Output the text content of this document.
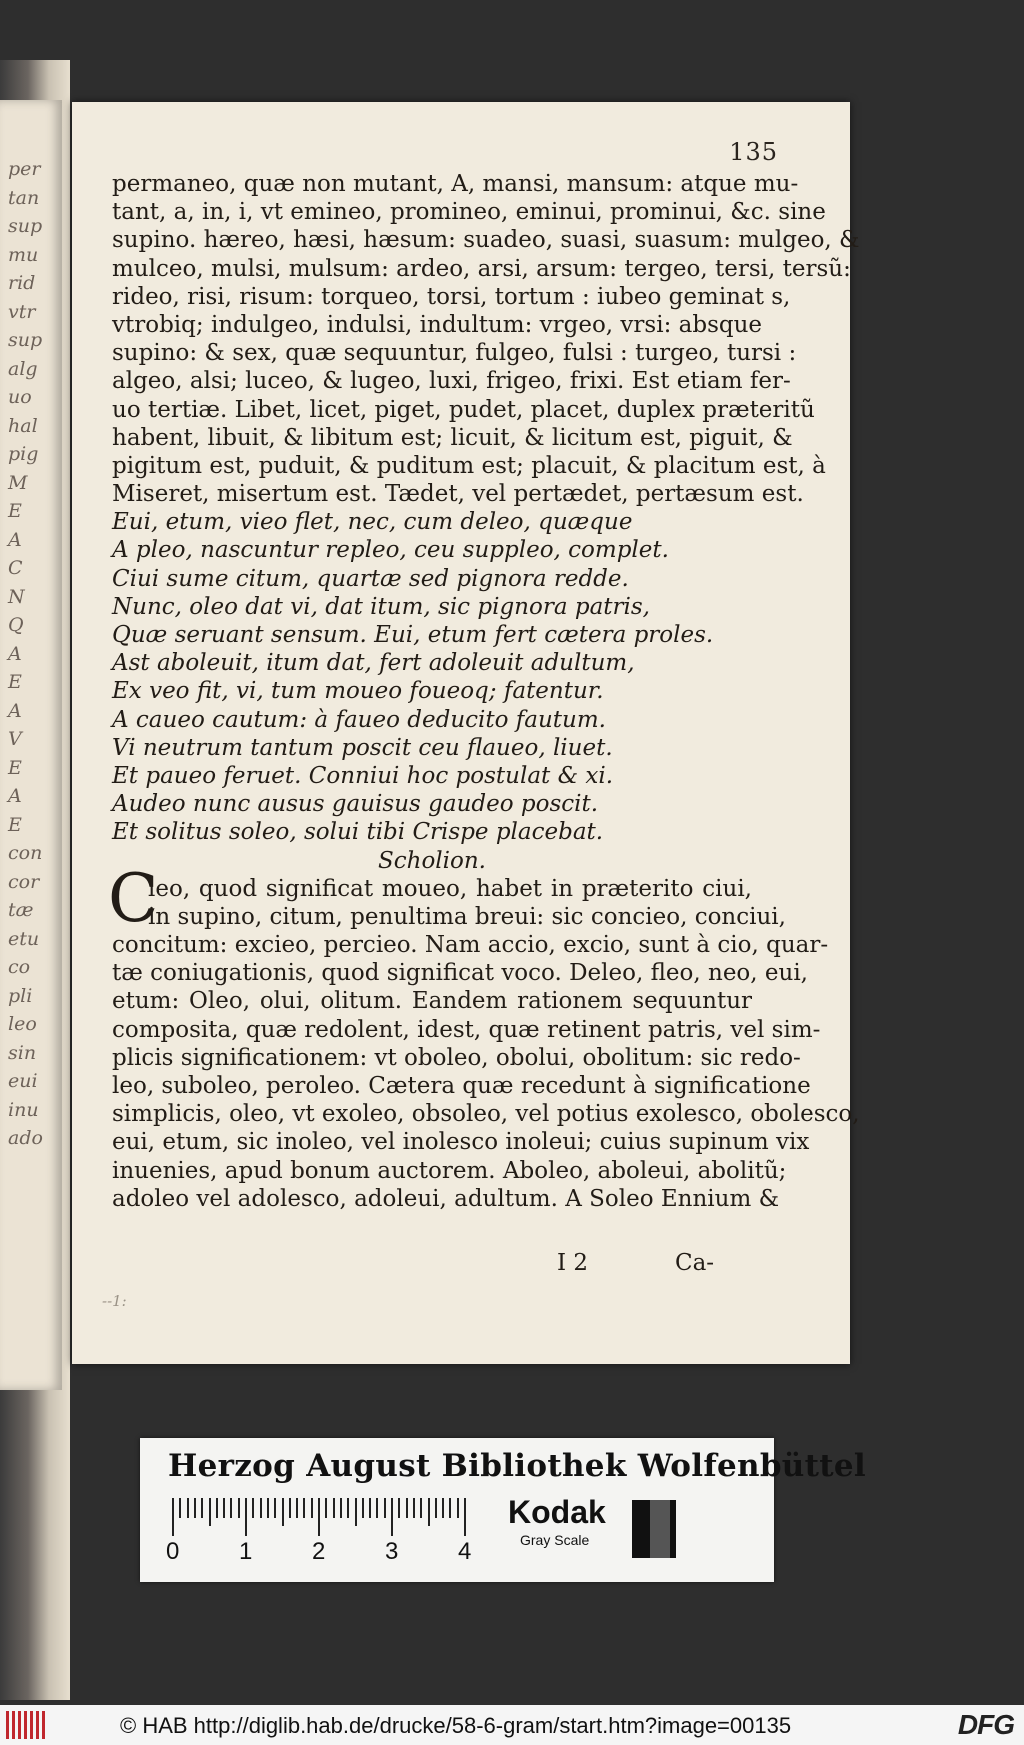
per
tan
sup
mu
rid
vtr
sup
alg
uo
hal
pig
M
E
A
C
N
Q
A
E
A
V
E
A
E
con
cor
tæ
etu
co
pli
leo
sin
eui
inu
ado
135
permaneo, quæ non mutant, A, mansi, mansum: atque mu-
tant, a, in, i, vt emineo, promineo, eminui, prominui, &c. sine
supino. hæreo, hæsi, hæsum: suadeo, suasi, suasum: mulgeo, &
mulceo, mulsi, mulsum: ardeo, arsi, arsum: tergeo, tersi, tersũ:
rideo, risi, risum: torqueo, torsi, tortum : iubeo geminat s,
vtrobiq; indulgeo, indulsi, indultum: vrgeo, vrsi: absque
supino: & sex, quæ sequuntur, fulgeo, fulsi : turgeo, tursi :
algeo, alsi; luceo, & lugeo, luxi, frigeo, frixi. Est etiam fer-
uo tertiæ. Libet, licet, piget, pudet, placet, duplex præteritũ
habent, libuit, & libitum est; licuit, & licitum est, piguit, &
pigitum est, puduit, & puditum est; placuit, & placitum est, à
Miseret, misertum est. Tædet, vel pertædet, pertæsum est.
Eui, etum, vieo flet, nec, cum deleo, quæque
A pleo, nascuntur repleo, ceu suppleo, complet.
Ciui sume citum, quartæ sed pignora redde.
Nunc, oleo dat vi, dat itum, sic pignora patris,
Quæ seruant sensum. Eui, etum fert cætera proles.
Ast aboleuit, itum dat, fert adoleuit adultum,
Ex veo fit, vi, tum moueo foueoq; fatentur.
A caueo cautum: à faueo deducito fautum.
Vi neutrum tantum poscit ceu flaueo, liuet.
Et paueo feruet. Conniui hoc postulat & xi.
Audeo nunc ausus gauisus gaudeo poscit.
Et solitus soleo, solui tibi Crispe placebat.
Scholion.
C
leo, quod significat moueo, habet in præterito ciui,
in supino, citum, penultima breui: sic concieo, conciui,
concitum: excieo, percieo. Nam accio, excio, sunt à cio, quar-
tæ coniugationis, quod significat voco. Deleo, fleo, neo, eui,
etum: Oleo, olui, olitum. Eandem rationem sequuntur
composita, quæ redolent, idest, quæ retinent patris, vel sim-
plicis significationem: vt oboleo, obolui, obolitum: sic redo-
leo, suboleo, peroleo. Cætera quæ recedunt à significatione
simplicis, oleo, vt exoleo, obsoleo, vel potius exolesco, obolesco,
eui, etum, sic inoleo, vel inolesco inoleui; cuius supinum vix
inuenies, apud bonum auctorem. Aboleo, aboleui, abolitũ;
adoleo vel adolesco, adoleui, adultum. A Soleo Ennium &
I 2	Ca-
--1:
Herzog August Bibliothek Wolfenbüttel
0 1 2 3 4
Kodak
Gray Scale
© HAB http://diglib.hab.de/drucke/58-6-gram/start.htm?image=00135	DFG
